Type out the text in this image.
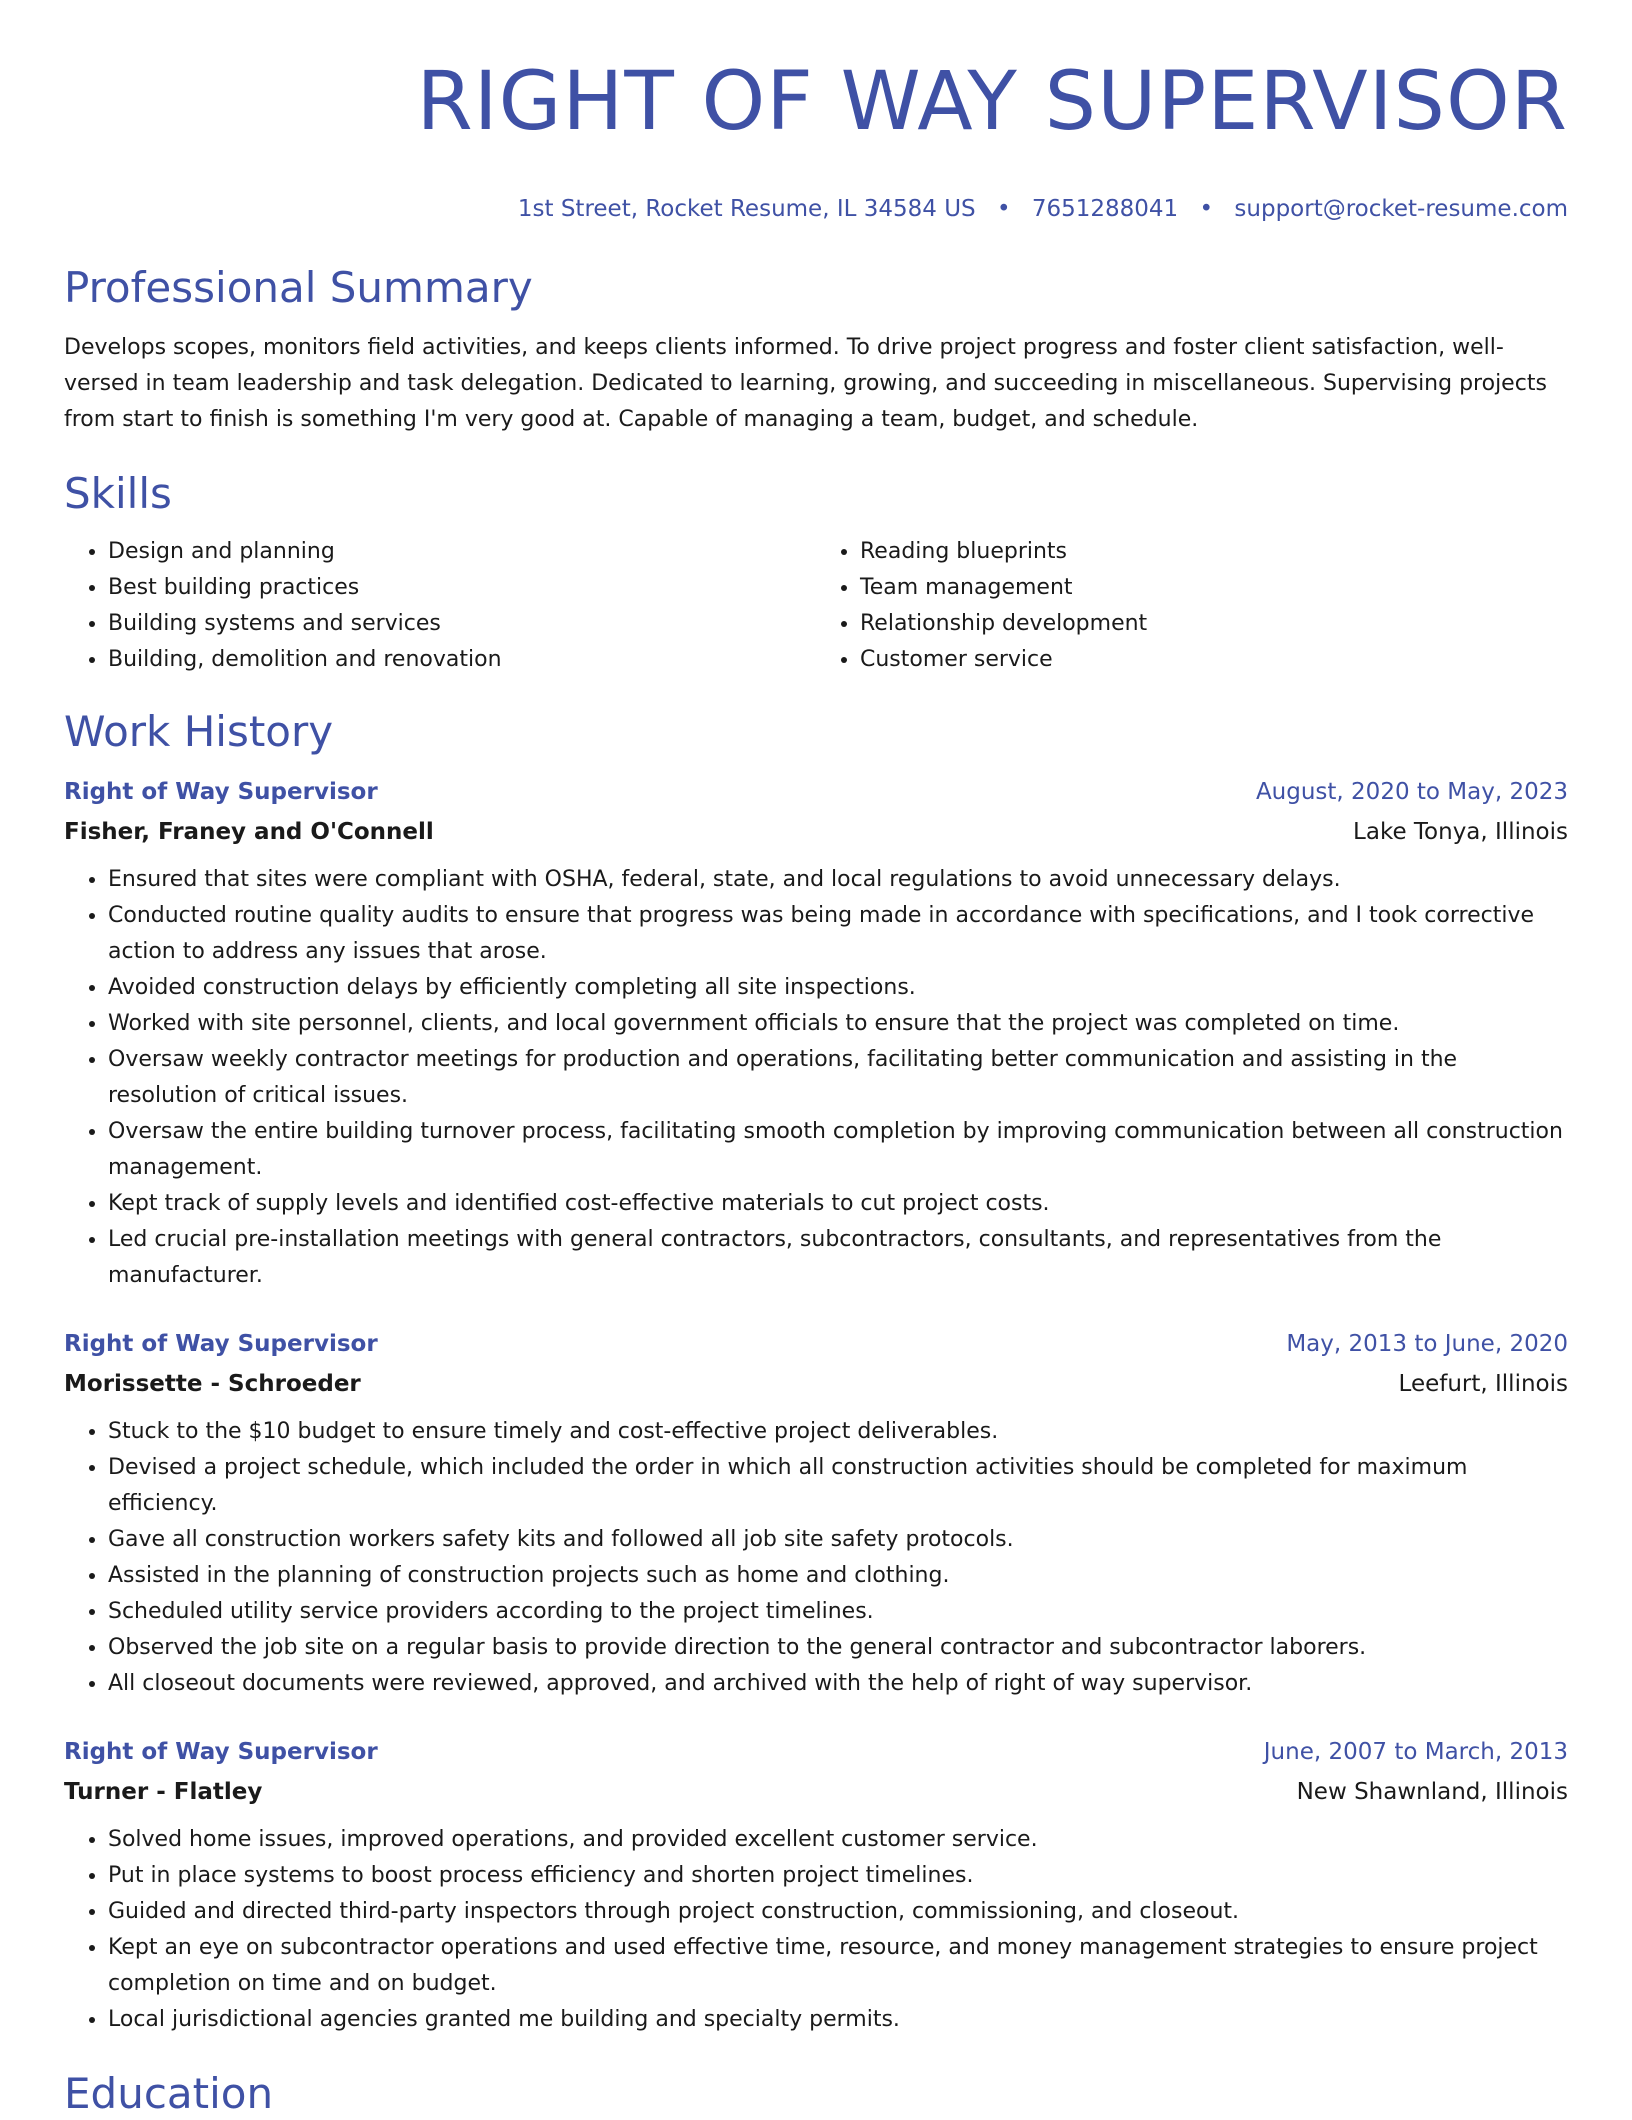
RIGHT OF WAY SUPERVISOR
1st Street, Rocket Resume, IL 34584 US • 7651288041 • support@rocket-resume.com
Professional Summary

Develops scopes, monitors field activities, and keeps clients informed. To drive project progress and foster client satisfaction, well-versed in team leadership and task delegation. Dedicated to learning, growing, and succeeding in miscellaneous. Supervising projects from start to finish is something I'm very good at. Capable of managing a team, budget, and schedule.

Skills
• Design and planning
• Best building practices
• Building systems and services
• Building, demolition and renovation
• Reading blueprints
• Team management
• Relationship development
• Customer service
Work History
Right of Way Supervisor	August, 2020 to May, 2023
Fisher, Franey and O'Connell	Lake Tonya, Illinois
• Ensured that sites were compliant with OSHA, federal, state, and local regulations to avoid unnecessary delays.
• Conducted routine quality audits to ensure that progress was being made in accordance with specifications, and I took corrective action to address any issues that arose.
• Avoided construction delays by efficiently completing all site inspections.
• Worked with site personnel, clients, and local government officials to ensure that the project was completed on time.
• Oversaw weekly contractor meetings for production and operations, facilitating better communication and assisting in the resolution of critical issues.
• Oversaw the entire building turnover process, facilitating smooth completion by improving communication between all construction management.
• Kept track of supply levels and identified cost-effective materials to cut project costs.
• Led crucial pre-installation meetings with general contractors, subcontractors, consultants, and representatives from the manufacturer.
Right of Way Supervisor	May, 2013 to June, 2020
Morissette - Schroeder	Leefurt, Illinois
• Stuck to the $10 budget to ensure timely and cost-effective project deliverables.
• Devised a project schedule, which included the order in which all construction activities should be completed for maximum efficiency.
• Gave all construction workers safety kits and followed all job site safety protocols.
• Assisted in the planning of construction projects such as home and clothing.
• Scheduled utility service providers according to the project timelines.
• Observed the job site on a regular basis to provide direction to the general contractor and subcontractor laborers.
• All closeout documents were reviewed, approved, and archived with the help of right of way supervisor.
Right of Way Supervisor	June, 2007 to March, 2013
Turner - Flatley	New Shawnland, Illinois
• Solved home issues, improved operations, and provided excellent customer service.
• Put in place systems to boost process efficiency and shorten project timelines.
• Guided and directed third-party inspectors through project construction, commissioning, and closeout.
• Kept an eye on subcontractor operations and used effective time, resource, and money management strategies to ensure project completion on time and on budget.
• Local jurisdictional agencies granted me building and specialty permits.
Education
